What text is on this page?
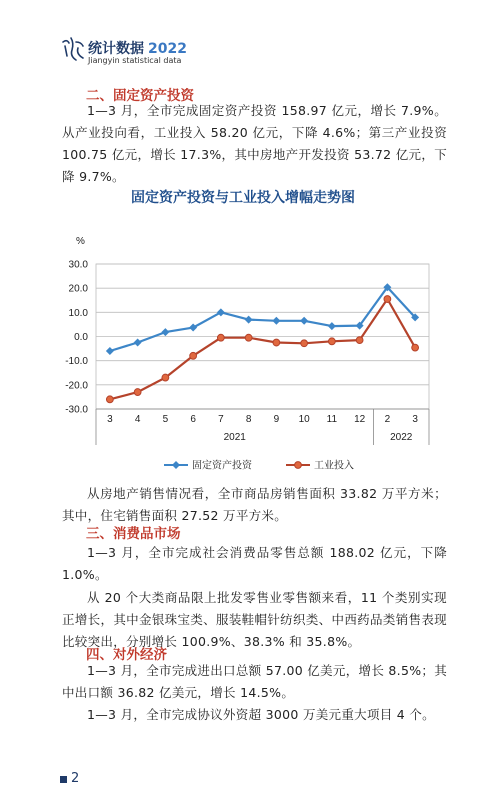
统计数据 2022
Jiangyin statistical data
二、固定资产投资
1—3 月，全市完成固定资产投资 158.97 亿元，增长 7.9%。从产业投向看，工业投入 58.20 亿元，下降 4.6%；第三产业投资 100.75 亿元，增长 17.3%，其中房地产开发投资 53.72 亿元，下降 9.7%。
固定资产投资与工业投入增幅走势图
%
30.0
20.0
10.0
0.0
-10.0
-20.0
-30.0
3 4 5 6 7 8 9 10 11 12 2 3
2021	2022
固定资产投资	工业投入
从房地产销售情况看，全市商品房销售面积 33.82 万平方米；其中，住宅销售面积 27.52 万平方米。
三、消费品市场
1—3 月，全市完成社会消费品零售总额 188.02 亿元，下降 1.0%。
从 20 个大类商品限上批发零售业零售额来看，11 个类别实现正增长，其中金银珠宝类、服装鞋帽针纺织类、中西药品类销售表现比较突出，分别增长 100.9%、38.3% 和 35.8%。
四、对外经济
1—3 月，全市完成进出口总额 57.00 亿美元，增长 8.5%；其中出口额 36.82 亿美元，增长 14.5%。
1—3 月，全市完成协议外资超 3000 万美元重大项目 4 个。
2
